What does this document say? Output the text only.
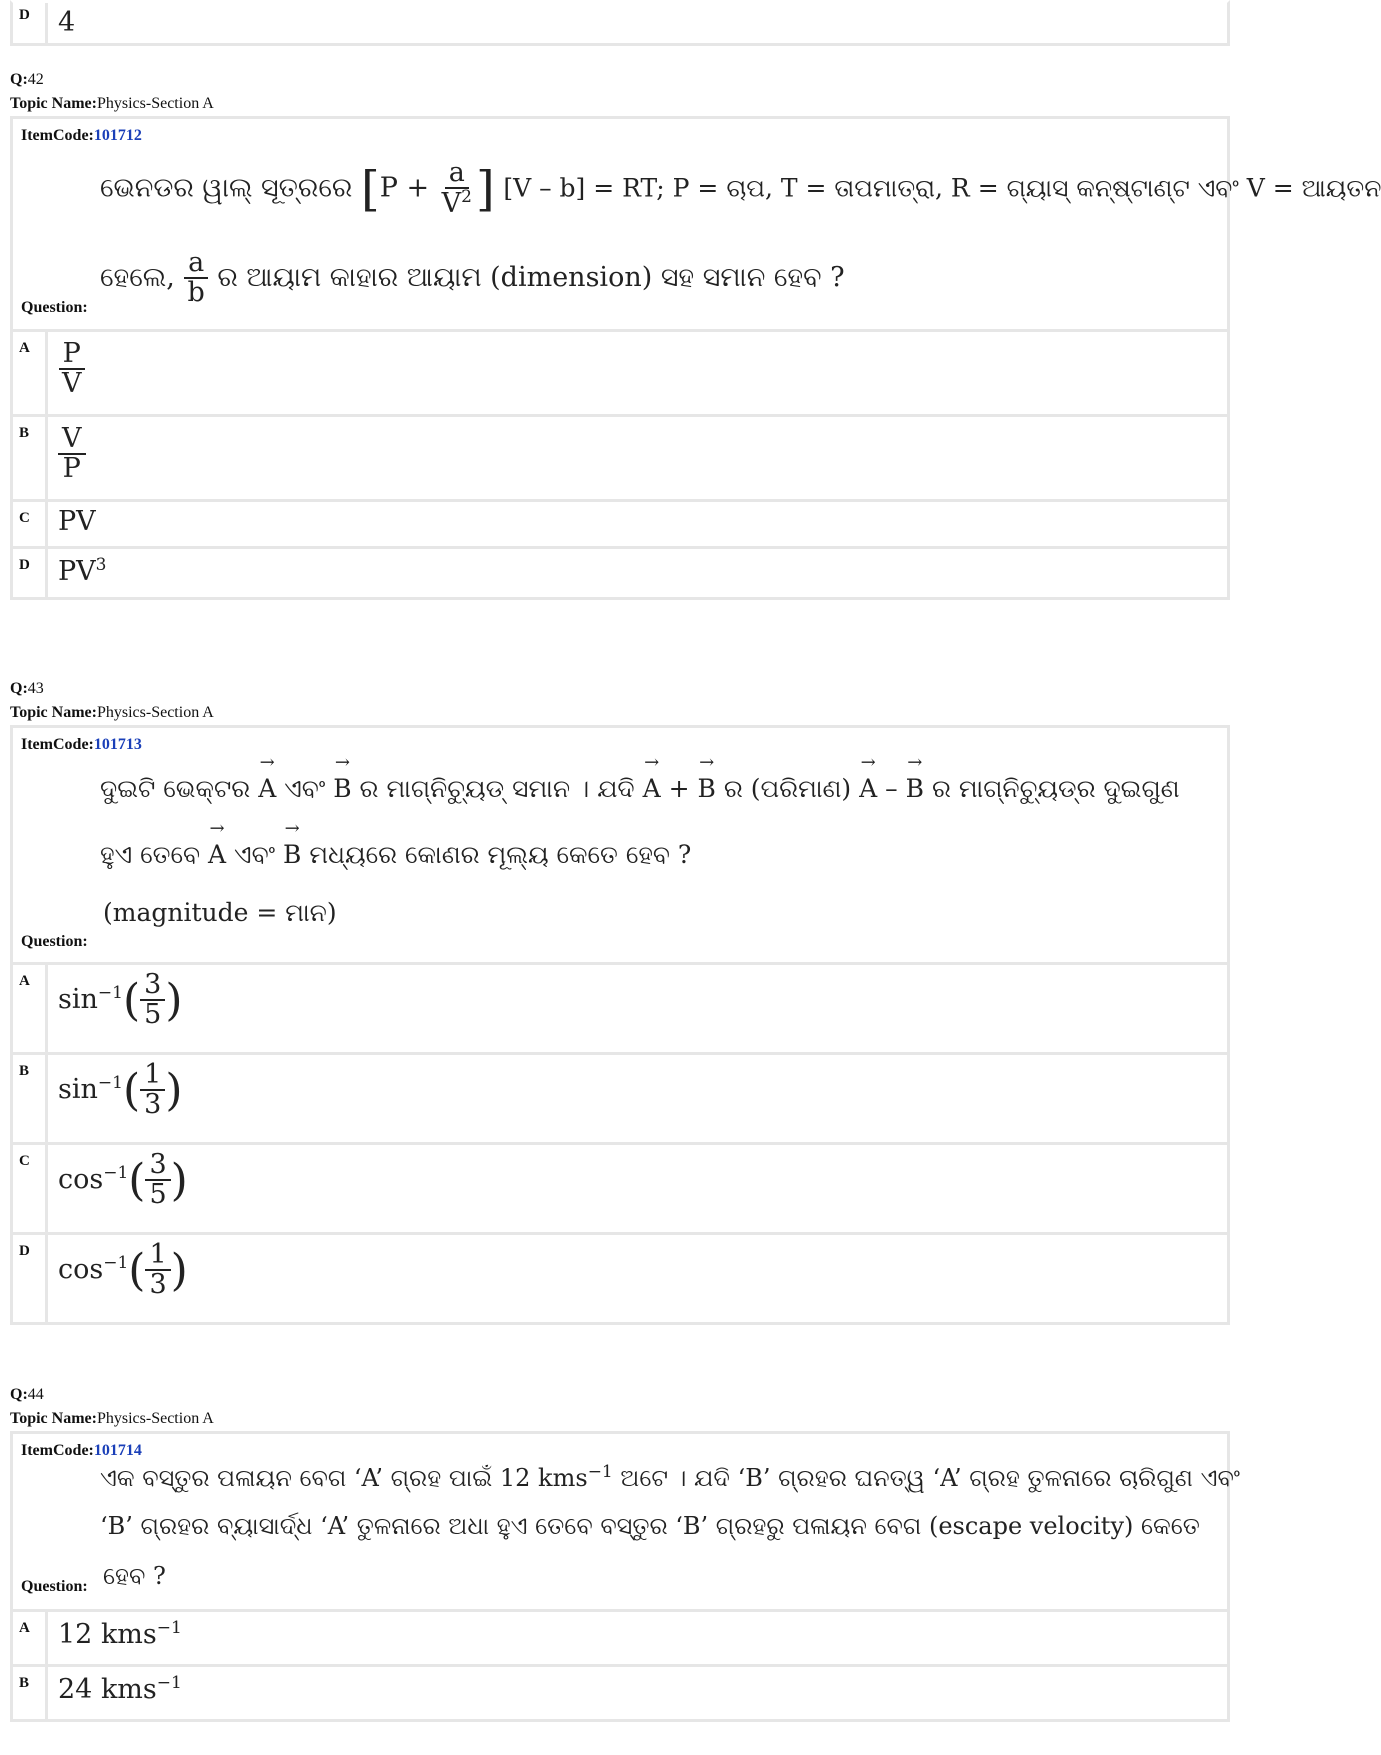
D	4
Q:42
Topic Name:Physics-Section A
ItemCode:101712
ଭେନଡର ୱାଲ୍ ସୂତ୍ରରେ [$P + \frac{a}{V^2}$ ] [V – b] = RT; P = ଚାପ, T = ତାପମାତ୍ରା, R = ଗ୍ୟାସ୍ କନ୍ଷ୍ଟାଣ୍ଟ ଏବଂ V = ଆୟତନ
ହେଲେ, $\frac{a}{b}$ ର ଆୟାମ କାହାର ଆୟାମ (dimension) ସହ ସମାନ ହେବ ?
Question:
A	$\frac{P}{V}$
B	$\frac{V}{P}$
C	PV
D	$PV^3$
Q:43
Topic Name:Physics-Section A
ItemCode:101713
ଦୁଇଟି ଭେକ୍ଟର → A ଏବଂ → B ର ମାଗ୍ନିଚ୍ୟୁଡ୍ ସମାନ । ଯଦି → A + → B ର (ପରିମାଣ) → A – → B ର ମାଗ୍ନିଚ୍ୟୁଡ୍ର ଦୁଇଗୁଣ
ହୁଏ ତେବେ → A ଏବଂ → B ମଧ୍ୟରେ କୋଣର ମୂଲ୍ୟ କେତେ ହେବ ?
(magnitude = ମାନ)
Question:
A
$\sin^{-1}( \frac{3}{5}$ )
B
$\sin^{-1}( \frac{1}{3}$ )
C
$\cos^{-1}( \frac{3}{5}$ )
D
$\cos^{-1}( \frac{1}{3}$ )
Q:44
Topic Name:Physics-Section A
ItemCode:101714
ଏକ ବସ୍ତୁର ପଳାୟନ ବେଗ ‘A’ ଗ୍ରହ ପାଇଁ 12 kms$^{-1}$ ଅଟେ । ଯଦି ‘B’ ଗ୍ରହର ଘନତ୍ୱ ‘A’ ଗ୍ରହ ତୁଳନାରେ ଚାରିଗୁଣ ଏବଂ
‘B’ ଗ୍ରହର ବ୍ୟାସାର୍ଦ୍ଧ ‘A’ ତୁଳନାରେ ଅଧା ହୁଏ ତେବେ ବସ୍ତୁର ‘B’ ଗ୍ରହରୁ ପଳାୟନ ବେଗ (escape velocity) କେତେ
ହେବ ?
Question:
A	12 kms$^{-1}$
B	24 kms$^{-1}$
